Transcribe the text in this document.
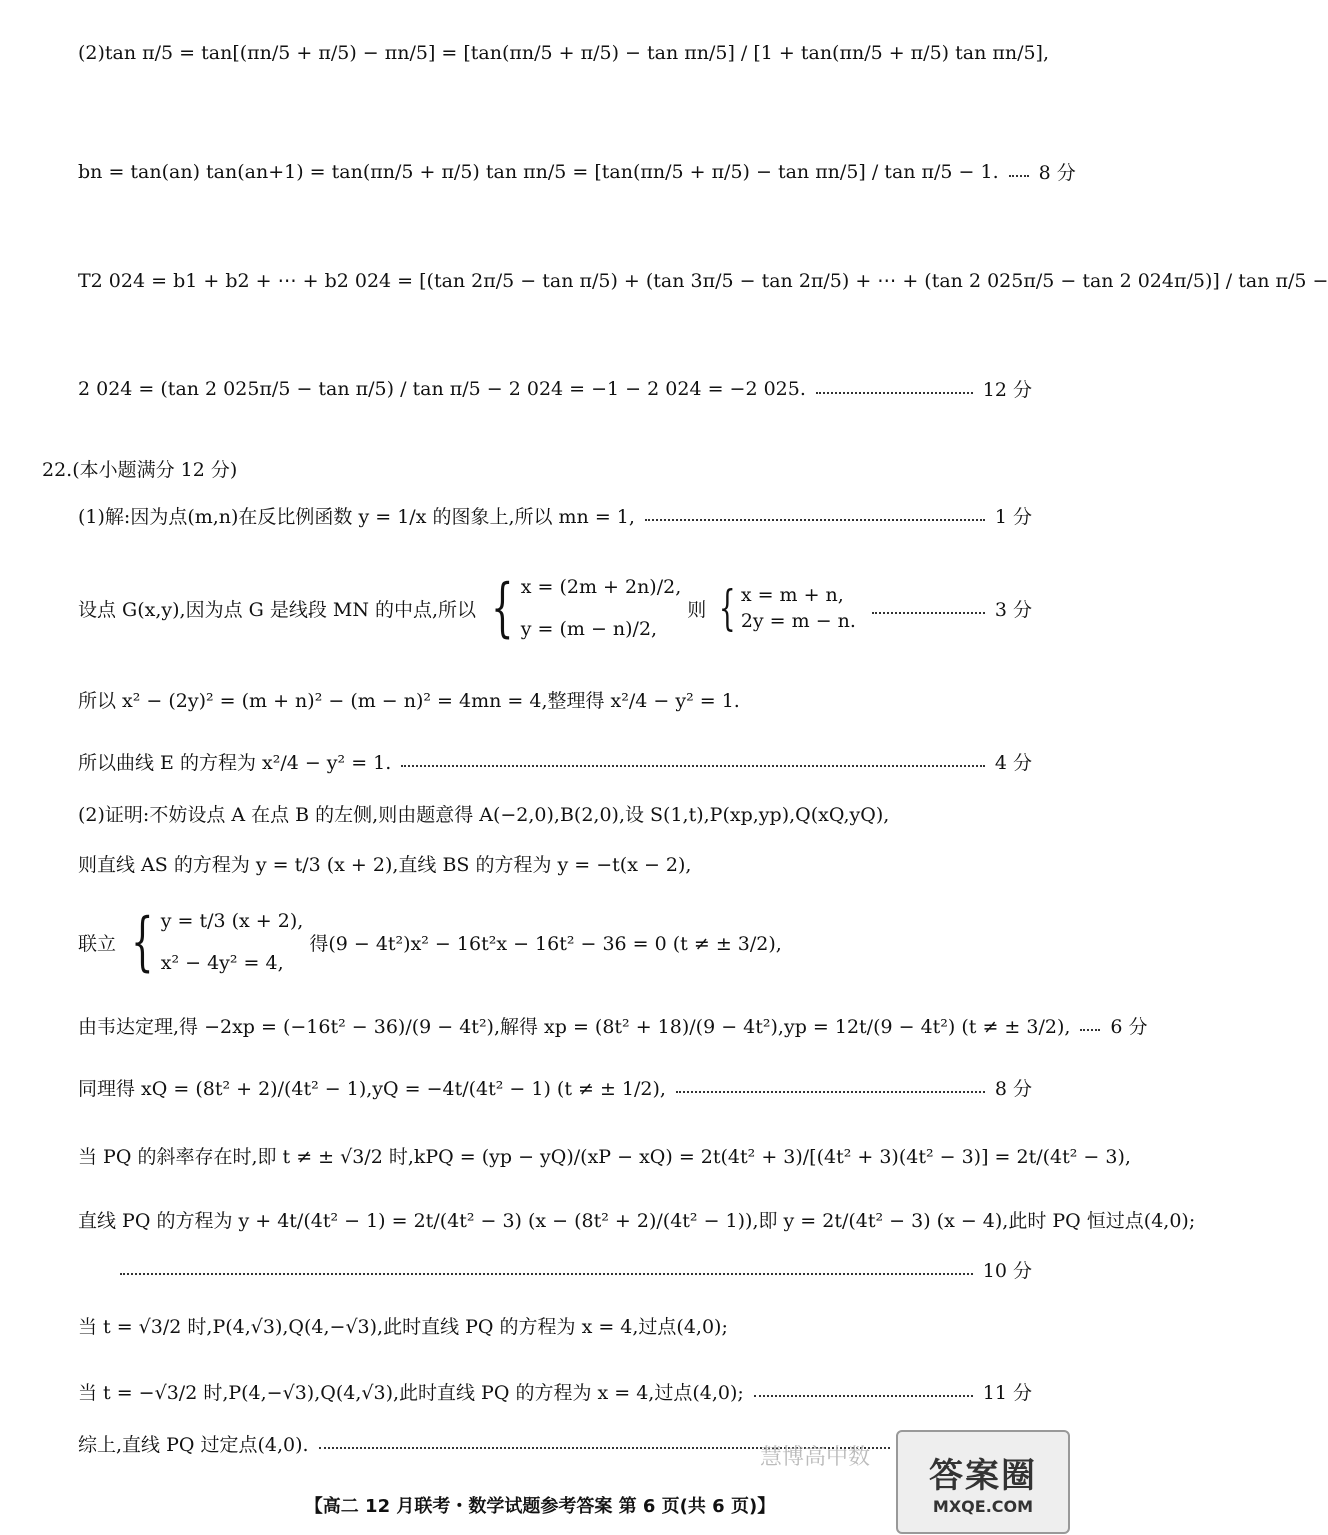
(2)tan π/5 = tan[(πn/5 + π/5) − πn/5] = [tan(πn/5 + π/5) − tan πn/5] / [1 + tan(πn/5 + π/5) tan πn/5],
bn = tan(an) tan(an+1) = tan(πn/5 + π/5) tan πn/5 = [tan(πn/5 + π/5) − tan πn/5] / tan π/5 − 1. 8 分
T2 024 = b1 + b2 + ⋯ + b2 024 = [(tan 2π/5 − tan π/5) + (tan 3π/5 − tan 2π/5) + ⋯ + (tan 2 025π/5 − tan 2 024π/5)] / tan π/5 −
2 024 = (tan 2 025π/5 − tan π/5) / tan π/5 − 2 024 = −1 − 2 024 = −2 025.	12 分
22.(本小题满分 12 分)
(1)解:因为点(m,n)在反比例函数 y = 1/x 的图象上,所以 mn = 1,	1 分
设点 G(x,y),因为点 G 是线段 MN 的中点,所以 { x = (2m + 2n)/2,
y = (m − n)/2,
则 { x = m + n,
2y = m − n.
3 分
所以 x² − (2y)² = (m + n)² − (m − n)² = 4mn = 4,整理得 x²/4 − y² = 1.
所以曲线 E 的方程为 x²/4 − y² = 1.	4 分
(2)证明:不妨设点 A 在点 B 的左侧,则由题意得 A(−2,0),B(2,0),设 S(1,t),P(xp,yp),Q(xQ,yQ),
则直线 AS 的方程为 y = t/3 (x + 2),直线 BS 的方程为 y = −t(x − 2),
联立 { y = t/3 (x + 2),
x² − 4y² = 4,
得(9 − 4t²)x² − 16t²x − 16t² − 36 = 0 (t ≠ ± 3/2),
由韦达定理,得 −2xp = (−16t² − 36)/(9 − 4t²),解得 xp = (8t² + 18)/(9 − 4t²),yp = 12t/(9 − 4t²) (t ≠ ± 3/2), 6 分
同理得 xQ = (8t² + 2)/(4t² − 1),yQ = −4t/(4t² − 1) (t ≠ ± 1/2),	8 分
当 PQ 的斜率存在时,即 t ≠ ± √3/2 时,kPQ = (yp − yQ)/(xP − xQ) = 2t(4t² + 3)/[(4t² + 3)(4t² − 3)] = 2t/(4t² − 3),
直线 PQ 的方程为 y + 4t/(4t² − 1) = 2t/(4t² − 3) (x − (8t² + 2)/(4t² − 1)),即 y = 2t/(4t² − 3) (x − 4),此时 PQ 恒过点(4,0);
10 分
当 t = √3/2 时,P(4,√3),Q(4,−√3),此时直线 PQ 的方程为 x = 4,过点(4,0);
当 t = −√3/2 时,P(4,−√3),Q(4,√3),此时直线 PQ 的方程为 x = 4,过点(4,0);	11 分
综上,直线 PQ 过定点(4,0).	慧博高中数 答案圈
MXQE.COM
【高二 12 月联考・数学试题参考答案 第 6 页(共 6 页)】
